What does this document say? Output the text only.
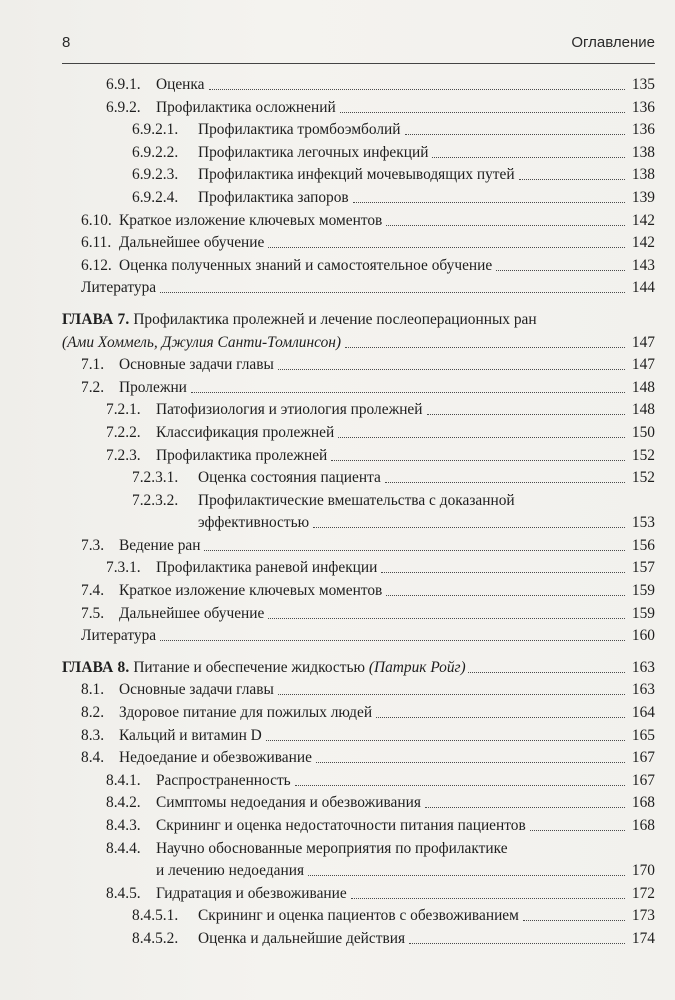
8	Оглавление
6.9.1. Оценка	135
6.9.2. Профилактика осложнений	136
6.9.2.1. Профилактика тромбоэмболий	136
6.9.2.2. Профилактика легочных инфекций	138
6.9.2.3. Профилактика инфекций мочевыводящих путей	138
6.9.2.4. Профилактика запоров	139
6.10. Краткое изложение ключевых моментов	142
6.11. Дальнейшее обучение	142
6.12. Оценка полученных знаний и самостоятельное обучение	143
Литература	144
ГЛАВА 7. Профилактика пролежней и лечение послеоперационных ран
(Ами Хоммель, Джулия Санти-Томлинсон)	147
7.1. Основные задачи главы	147
7.2. Пролежни	148
7.2.1. Патофизиология и этиология пролежней	148
7.2.2. Классификация пролежней	150
7.2.3. Профилактика пролежней	152
7.2.3.1. Оценка состояния пациента	152
7.2.3.2. Профилактические вмешательства с доказанной
эффективностью	153
7.3. Ведение ран	156
7.3.1. Профилактика раневой инфекции	157
7.4. Краткое изложение ключевых моментов	159
7.5. Дальнейшее обучение	159
Литература	160
ГЛАВА 8. Питание и обеспечение жидкостью (Патрик Ройг)	163
8.1. Основные задачи главы	163
8.2. Здоровое питание для пожилых людей	164
8.3. Кальций и витамин D	165
8.4. Недоедание и обезвоживание	167
8.4.1. Распространенность	167
8.4.2. Симптомы недоедания и обезвоживания	168
8.4.3. Скрининг и оценка недостаточности питания пациентов	168
8.4.4. Научно обоснованные мероприятия по профилактике
и лечению недоедания	170
8.4.5. Гидратация и обезвоживание	172
8.4.5.1. Скрининг и оценка пациентов с обезвоживанием	173
8.4.5.2. Оценка и дальнейшие действия	174
